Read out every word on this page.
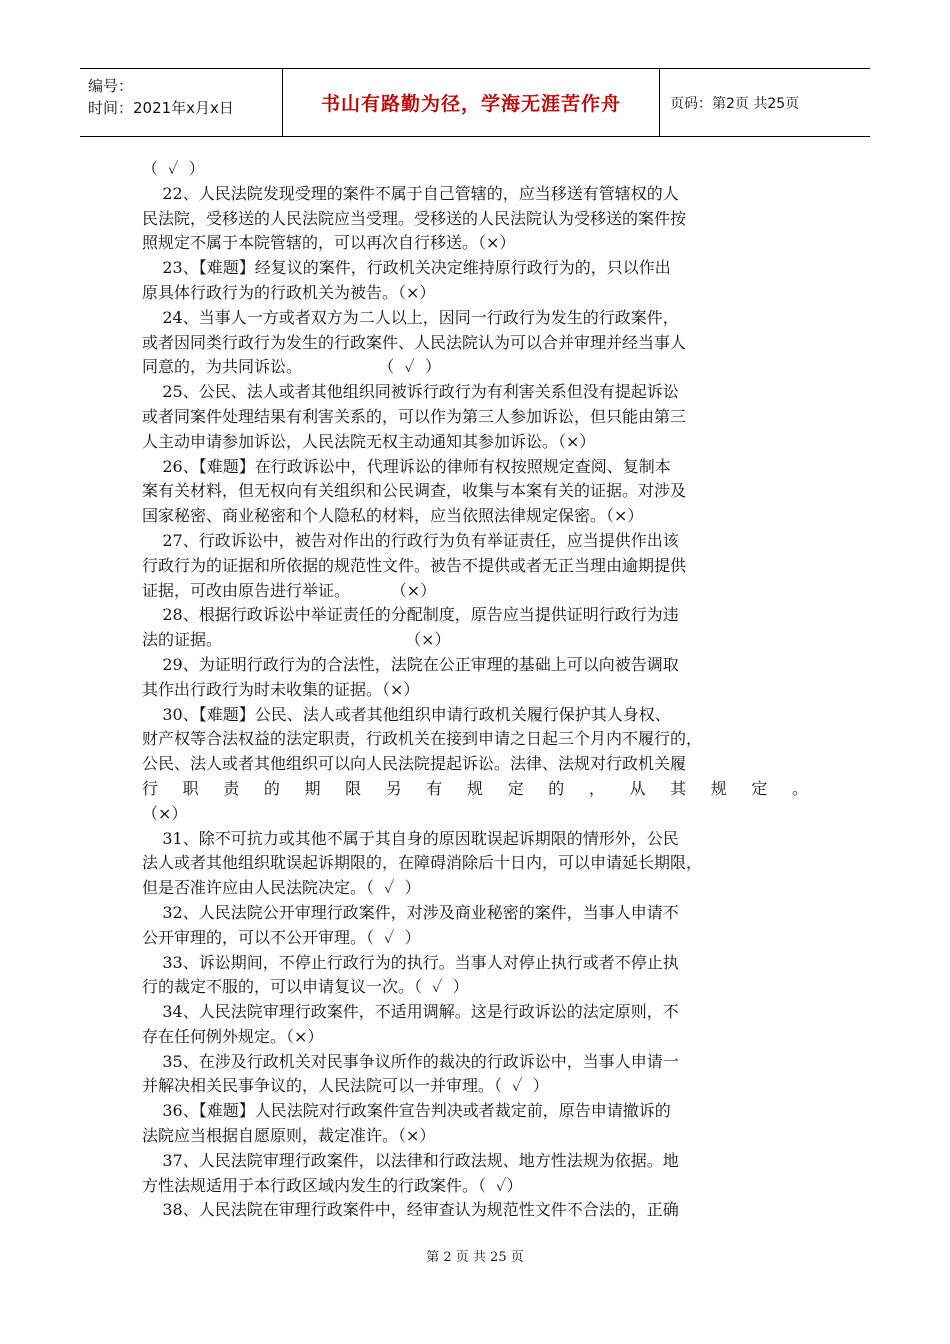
编号：
时间：2021年x月x日	书山有路勤为径，学海无涯苦作舟	页码：第2页 共25页
（  ✓  ）
22、人民法院发现受理的案件不属于自己管辖的，应当移送有管辖权的人
民法院，受移送的人民法院应当受理。受移送的人民法院认为受移送的案件按
照规定不属于本院管辖的，可以再次自行移送。（×）
23、【难题】经复议的案件，行政机关决定维持原行政行为的，只以作出
原具体行政行为的行政机关为被告。（×）
24、当事人一方或者双方为二人以上，因同一行政行为发生的行政案件，
或者因同类行政行为发生的行政案件、人民法院认为可以合并审理并经当事人
同意的，为共同诉讼。               （  ✓  ）
25、公民、法人或者其他组织同被诉行政行为有利害关系但没有提起诉讼
或者同案件处理结果有利害关系的，可以作为第三人参加诉讼，但只能由第三
人主动申请参加诉讼，人民法院无权主动通知其参加诉讼。（×）
26、【难题】在行政诉讼中，代理诉讼的律师有权按照规定查阅、复制本
案有关材料，但无权向有关组织和公民调查，收集与本案有关的证据。对涉及
国家秘密、商业秘密和个人隐私的材料，应当依照法律规定保密。（×）
27、行政诉讼中，被告对作出的行政行为负有举证责任，应当提供作出该
行政行为的证据和所依据的规范性文件。被告不提供或者无正当理由逾期提供
证据，可改由原告进行举证。        （×）
28、根据行政诉讼中举证责任的分配制度，原告应当提供证明行政行为违
法的证据。                                    （×）
29、为证明行政行为的合法性，法院在公正审理的基础上可以向被告调取
其作出行政行为时未收集的证据。（×）
30、【难题】公民、法人或者其他组织申请行政机关履行保护其人身权、
财产权等合法权益的法定职责，行政机关在接到申请之日起三个月内不履行的，
公民、法人或者其他组织可以向人民法院提起诉讼。法律、法规对行政机关履
行职责的期限另有规定的，从其规定。
（×）
31、除不可抗力或其他不属于其自身的原因耽误起诉期限的情形外，公民
法人或者其他组织耽误起诉期限的，在障碍消除后十日内，可以申请延长期限，
但是否准许应由人民法院决定。（  ✓  ）
32、人民法院公开审理行政案件，对涉及商业秘密的案件，当事人申请不
公开审理的，可以不公开审理。（  ✓  ）
33、诉讼期间，不停止行政行为的执行。当事人对停止执行或者不停止执
行的裁定不服的，可以申请复议一次。（  ✓  ）
34、人民法院审理行政案件，不适用调解。这是行政诉讼的法定原则，不
存在任何例外规定。（×）
35、在涉及行政机关对民事争议所作的裁决的行政诉讼中，当事人申请一
并解决相关民事争议的，人民法院可以一并审理。（  ✓  ）
36、【难题】人民法院对行政案件宣告判决或者裁定前，原告申请撤诉的
法院应当根据自愿原则，裁定准许。（×）
37、人民法院审理行政案件，以法律和行政法规、地方性法规为依据。地
方性法规适用于本行政区域内发生的行政案件。（  ✓）
38、人民法院在审理行政案件中，经审查认为规范性文件不合法的，正确
第 2 页 共 25 页
